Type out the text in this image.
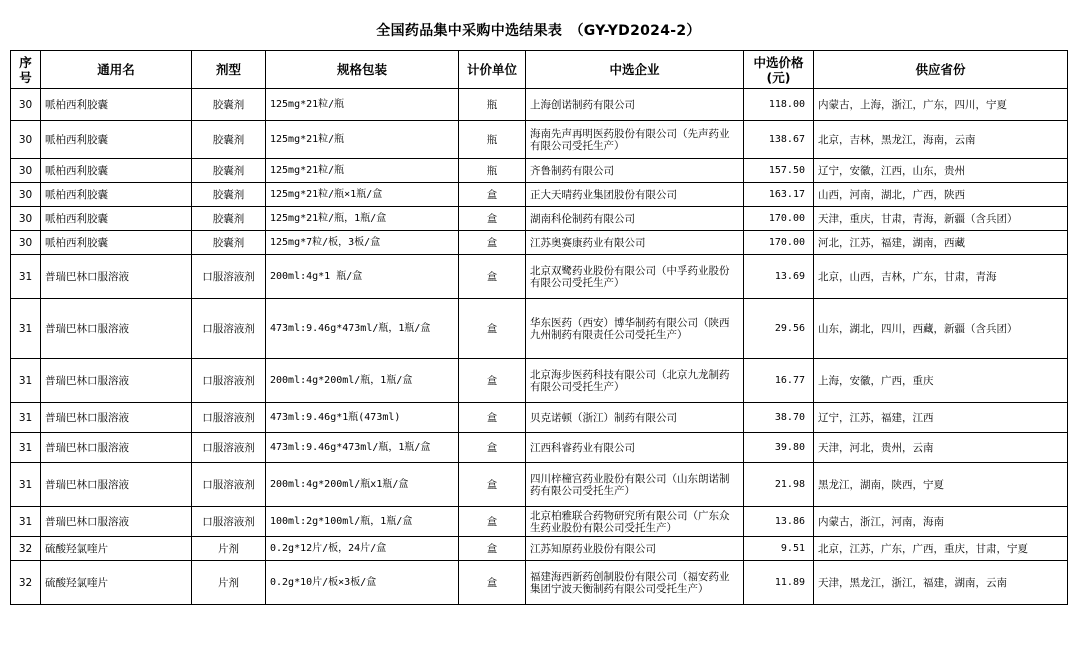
全国药品集中采购中选结果表　（GY-YD2024-2）
序号	通用名	剂型	规格包装	计价单位	中选企业	中选价格(元)	供应省份
30	哌柏西利胶囊	胶囊剂	125mg*21粒/瓶	瓶	上海创诺制药有限公司	118.00	内蒙古，上海，浙江，广东，四川，宁夏
30	哌柏西利胶囊	胶囊剂	125mg*21粒/瓶	瓶	海南先声再明医药股份有限公司（先声药业有限公司受托生产）	138.67	北京，吉林，黑龙江，海南，云南
30	哌柏西利胶囊	胶囊剂	125mg*21粒/瓶	瓶	齐鲁制药有限公司	157.50	辽宁，安徽，江西，山东，贵州
30	哌柏西利胶囊	胶囊剂	125mg*21粒/瓶×1瓶/盒	盒	正大天晴药业集团股份有限公司	163.17	山西，河南，湖北，广西，陕西
30	哌柏西利胶囊	胶囊剂	125mg*21粒/瓶，1瓶/盒	盒	湖南科伦制药有限公司	170.00	天津，重庆，甘肃，青海，新疆（含兵团）
30	哌柏西利胶囊	胶囊剂	125mg*7粒/板，3板/盒	盒	江苏奥赛康药业有限公司	170.00	河北，江苏，福建，湖南，西藏
31	普瑞巴林口服溶液	口服溶液剂	200ml:4g*1 瓶/盒	盒	北京双鹭药业股份有限公司（中孚药业股份有限公司受托生产）	13.69	北京，山西，吉林，广东，甘肃，青海
31	普瑞巴林口服溶液	口服溶液剂	473ml:9.46g*473ml/瓶，1瓶/盒	盒	华东医药（西安）博华制药有限公司（陕西九州制药有限责任公司受托生产）	29.56	山东，湖北，四川，西藏，新疆（含兵团）
31	普瑞巴林口服溶液	口服溶液剂	200ml:4g*200ml/瓶，1瓶/盒	盒	北京海步医药科技有限公司（北京九龙制药有限公司受托生产）	16.77	上海，安徽，广西，重庆
31	普瑞巴林口服溶液	口服溶液剂	473ml:9.46g*1瓶(473ml)	盒	贝克诺顿（浙江）制药有限公司	38.70	辽宁，江苏，福建，江西
31	普瑞巴林口服溶液	口服溶液剂	473ml:9.46g*473ml/瓶，1瓶/盒	盒	江西科睿药业有限公司	39.80	天津，河北，贵州，云南
31	普瑞巴林口服溶液	口服溶液剂	200ml:4g*200ml/瓶x1瓶/盒	盒	四川梓橦宫药业股份有限公司（山东朗诺制药有限公司受托生产）	21.98	黑龙江，湖南，陕西，宁夏
31	普瑞巴林口服溶液	口服溶液剂	100ml:2g*100ml/瓶，1瓶/盒	盒	北京柏雅联合药物研究所有限公司（广东众生药业股份有限公司受托生产）	13.86	内蒙古，浙江，河南，海南
32	硫酸羟氯喹片	片剂	0.2g*12片/板，24片/盒	盒	江苏知原药业股份有限公司	9.51	北京，江苏，广东，广西，重庆，甘肃，宁夏
32	硫酸羟氯喹片	片剂	0.2g*10片/板×3板/盒	盒	福建海西新药创制股份有限公司（福安药业集团宁波天衡制药有限公司受托生产）	11.89	天津，黑龙江，浙江，福建，湖南，云南
